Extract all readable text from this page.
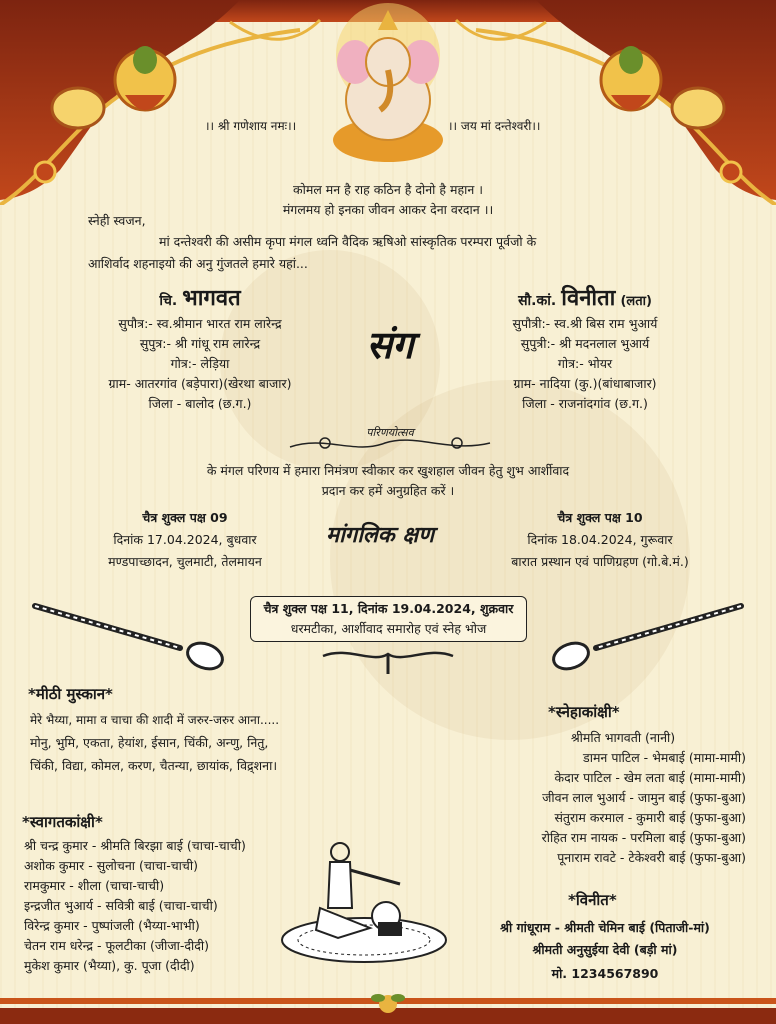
।। श्री गणेशाय नमः।।	।। जय मां दन्तेश्वरी।।
कोमल मन है राह कठिन है दोनो है महान ।
मंगलमय हो इनका जीवन आकर देना वरदान ।।
स्नेही स्वजन,
मां दन्तेश्वरी की असीम कृपा मंगल ध्वनि वैदिक ऋषिओ सांस्कृतिक परम्परा पूर्वजो के
आशिर्वाद शहनाइयो की अनु गुंजतले हमारे यहां...
चि. भागवत
सुपौत्र:- स्व.श्रीमान भारत राम लारेन्द्र
सुपुत्र:- श्री गांधू राम लारेन्द्र
गोत्र:- लेड़िया
ग्राम- आतरगांव (बड़ेपारा)(खेरथा बाजार)
जिला - बालोद (छ.ग.)
संग
सौ.कां. विनीता (लता)
सुपौत्री:- स्व.श्री बिस राम भुआर्य
सुपुत्री:- श्री मदनलाल भुआर्य
गोत्र:- भोयर
ग्राम- नादिया (कु.)(बांधाबाजार)
जिला - राजनांदगांव (छ.ग.)
परिणयोत्सव
के मंगल परिणय में हमारा निमंत्रण स्वीकार कर खुशहाल जीवन हेतु शुभ आर्शीवाद
प्रदान कर हमें अनुग्रहित करें ।
चैत्र शुक्ल पक्ष 09
दिनांक 17.04.2024, बुधवार
मण्डपाच्छादन, चुलमाटी, तेलमायन
मांगलिक क्षण
चैत्र शुक्ल पक्ष 10
दिनांक 18.04.2024, गुरूवार
बारात प्रस्थान एवं पाणिग्रहण (गो.बे.मं.)
चैत्र शुक्ल पक्ष 11, दिनांक 19.04.2024, शुक्रवार
धरमटीका, आर्शीवाद समारोह एवं स्नेह भोज
*मीठी मुस्कान*
मेरे भैय्या, मामा व चाचा की शादी में जरुर-जरुर आना.....
मोनु, भुमि, एकता, हेयांश, ईसान, चिंकी, अन्णु, नितु,
चिंकी, विद्या, कोमल, करण, चैतन्या, छायांक, विद्र्शना।
*स्वागतकांक्षी*
श्री चन्द्र कुमार - श्रीमति बिरझा बाई (चाचा-चाची)
अशोक कुमार - सुलोचना (चाचा-चाची)
रामकुमार - शीला (चाचा-चाची)
इन्द्रजीत भुआर्य - सवित्री बाई (चाचा-चाची)
विरेन्द्र कुमार - पुष्पांजली (भैय्या-भाभी)
चेतन राम धरेन्द्र - फूलटीका (जीजा-दीदी)
मुकेश कुमार (भैय्या), कु. पूजा (दीदी)
*स्नेहाकांक्षी*
श्रीमति भागवती (नानी)
डामन पाटिल - भेमबाई (मामा-मामी)
केदार पाटिल - खेम लता बाई (मामा-मामी)
जीवन लाल भुआर्य - जामुन बाई (फुफा-बुआ)
संतुराम करमाल - कुमारी बाई (फुफा-बुआ)
रोहित राम नायक - परमिला बाई (फुफा-बुआ)
पूनाराम रावटे - टेकेश्वरी बाई (फुफा-बुआ)
*विनीत*
श्री गांधूराम - श्रीमती चेमिन बाई (पिताजी-मां)
श्रीमती अनुसुईया देवी (बड़ी मां)
मो. 1234567890
